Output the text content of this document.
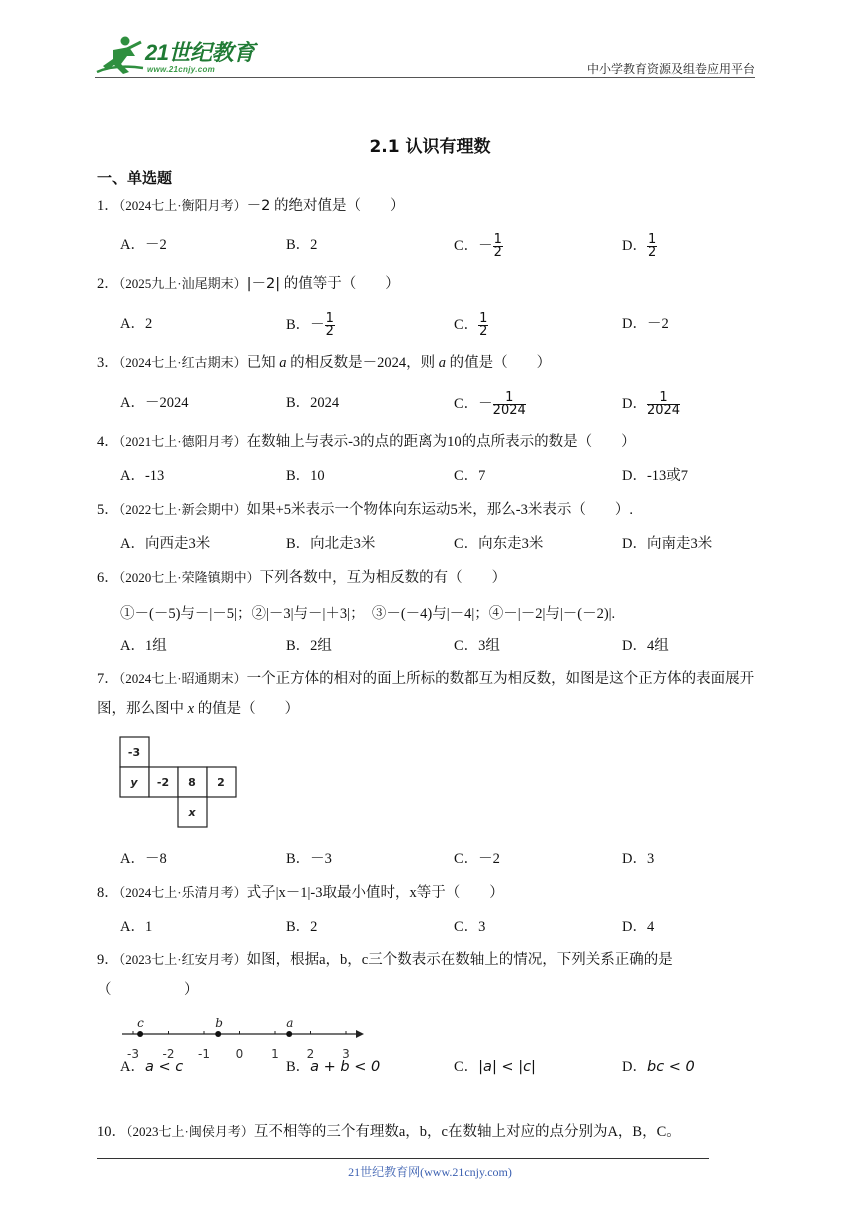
21世纪教育
www.21cnjy.com	中小学教育资源及组卷应用平台
2.1 认识有理数
一、单选题
1．（2024七上·衡阳月考）－2 的绝对值是（　　）
A．－2	B．2	C．－ $\frac{1}{2}$	D． $\frac{1}{2}$
2．（2025九上·汕尾期末）|－2| 的值等于（　　）
A．2	B．－ $\frac{1}{2}$	C． $\frac{1}{2}$	D．－2
3．（2024七上·红古期末）已知 a 的相反数是－2024，则 a 的值是（　　）
A．－2024	B．2024	C．－ $\frac{1}{2024}$	D． $\frac{1}{2024}$
4．（2021七上·德阳月考）在数轴上与表示-3的点的距离为10的点所表示的数是（　　）
A．-13	B．10	C．7	D．-13或7
5．（2022七上·新会期中）如果+5米表示一个物体向东运动5米，那么-3米表示（　　）.
A．向西走3米	B．向北走3米	C．向东走3米	D．向南走3米
6．（2020七上·荣隆镇期中）下列各数中，互为相反数的有（　　）
①－(－5)与－|－5|；②|－3|与－|＋3|；　③－(－4)与|－4|；④－|－2|与|－(－2)|.
A．1组	B．2组	C．3组	D．4组
7．（2024七上·昭通期末）一个正方体的相对的面上所标的数都互为相反数，如图是这个正方体的表面展开图，那么图中 x 的值是（　　）
-3
y -2 8 2
x
A．－8	B．－3	C．－2	D．3
8．（2024七上·乐清月考）式子|x－1|-3取最小值时，x等于（　　）
A．1	B．2	C．3	D．4
9．（2023七上·红安月考）如图，根据a，b，c三个数表示在数轴上的情况，下列关系正确的是（　　　　　）
-3 -2 -1 0 1 2 3
c	b	a
A．a < c	B．a + b < 0	C．|a| < |c|	D．bc < 0
10．（2023七上·闽侯月考）互不相等的三个有理数a，b，c在数轴上对应的点分别为A，B，C。
21世纪教育网(www.21cnjy.com)
